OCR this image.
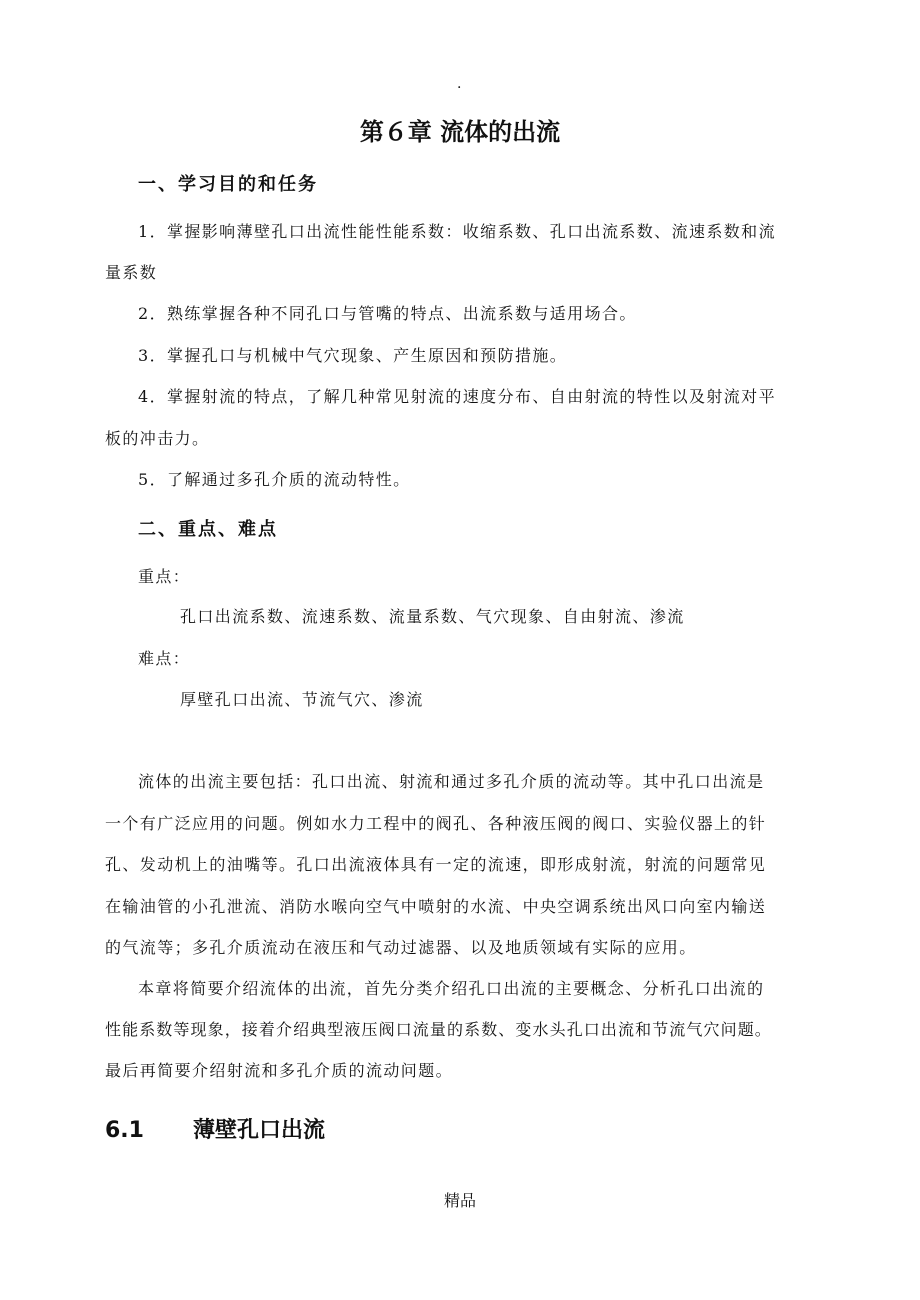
·
第６章 流体的出流
一、学习目的和任务
1．掌握影响薄壁孔口出流性能性能系数：收缩系数、孔口出流系数、流速系数和流
量系数
2．熟练掌握各种不同孔口与管嘴的特点、出流系数与适用场合。
3．掌握孔口与机械中气穴现象、产生原因和预防措施。
4．掌握射流的特点，了解几种常见射流的速度分布、自由射流的特性以及射流对平
板的冲击力。
5．了解通过多孔介质的流动特性。
二、重点、难点
重点：
孔口出流系数、流速系数、流量系数、气穴现象、自由射流、渗流
难点：
厚壁孔口出流、节流气穴、渗流
流体的出流主要包括：孔口出流、射流和通过多孔介质的流动等。其中孔口出流是
一个有广泛应用的问题。例如水力工程中的阀孔、各种液压阀的阀口、实验仪器上的针
孔、发动机上的油嘴等。孔口出流液体具有一定的流速，即形成射流，射流的问题常见
在输油管的小孔泄流、消防水喉向空气中喷射的水流、中央空调系统出风口向室内输送
的气流等；多孔介质流动在液压和气动过滤器、以及地质领域有实际的应用。
本章将简要介绍流体的出流，首先分类介绍孔口出流的主要概念、分析孔口出流的
性能系数等现象，接着介绍典型液压阀口流量的系数、变水头孔口出流和节流气穴问题。
最后再简要介绍射流和多孔介质的流动问题。
6.1 薄壁孔口出流
精品
